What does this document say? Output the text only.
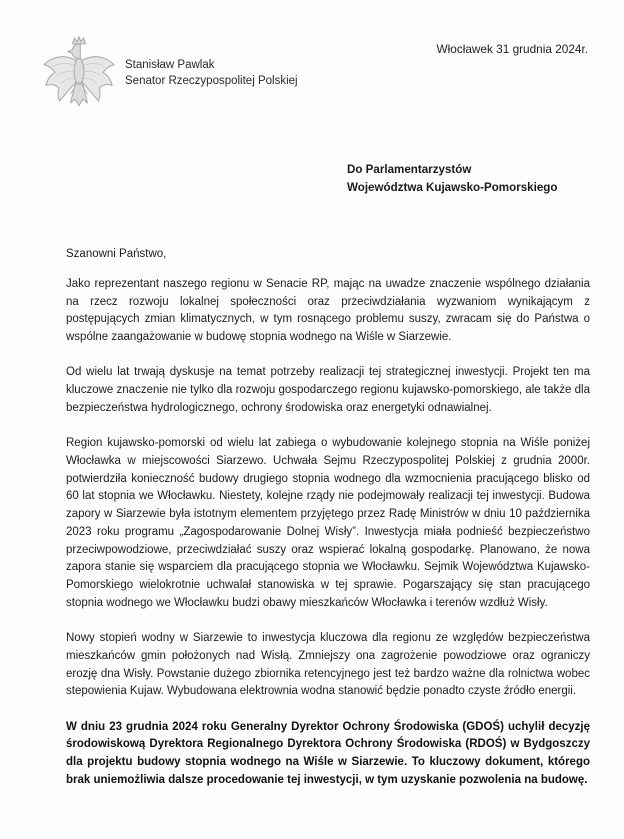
Stanisław Pawlak
Senator Rzeczypospolitej Polskiej
Włocławek 31 grudnia 2024r.
Do Parlamentarzystów
Województwa Kujawsko-Pomorskiego
Szanowni Państwo,

Jako reprezentant naszego regionu w Senacie RP, mając na uwadze znaczenie wspólnego działania na rzecz rozwoju lokalnej społeczności oraz przeciwdziałania wyzwaniom wynikającym z postępujących zmian klimatycznych, w tym rosnącego problemu suszy, zwracam się do Państwa o wspólne zaangażowanie w budowę stopnia wodnego na Wiśle w Siarzewie.

Od wielu lat trwają dyskusje na temat potrzeby realizacji tej strategicznej inwestycji. Projekt ten ma kluczowe znaczenie nie tylko dla rozwoju gospodarczego regionu kujawsko-pomorskiego, ale także dla bezpieczeństwa hydrologicznego, ochrony środowiska oraz energetyki odnawialnej.

Region kujawsko-pomorski od wielu lat zabiega o wybudowanie kolejnego stopnia na Wiśle poniżej Włocławka w miejscowości Siarzewo. Uchwała Sejmu Rzeczypospolitej Polskiej z grudnia 2000r. potwierdziła konieczność budowy drugiego stopnia wodnego dla wzmocnienia pracującego blisko od 60 lat stopnia we Włocławku. Niestety, kolejne rządy nie podejmowały realizacji tej inwestycji. Budowa zapory w Siarzewie była istotnym elementem przyjętego przez Radę Ministrów w dniu 10 października 2023 roku programu „Zagospodarowanie Dolnej Wisły”. Inwestycja miała podnieść bezpieczeństwo przeciwpowodziowe, przeciwdziałać suszy oraz wspierać lokalną gospodarkę. Planowano, że nowa zapora stanie się wsparciem dla pracującego stopnia we Włocławku. Sejmik Województwa Kujawsko-Pomorskiego wielokrotnie uchwalał stanowiska w tej sprawie. Pogarszający się stan pracującego stopnia wodnego we Włocławku budzi obawy mieszkańców Włocławka i terenów wzdłuż Wisły.

Nowy stopień wodny w Siarzewie to inwestycja kluczowa dla regionu ze względów bezpieczeństwa mieszkańców gmin położonych nad Wisłą. Zmniejszy ona zagrożenie powodziowe oraz ograniczy erozję dna Wisły. Powstanie dużego zbiornika retencyjnego jest też bardzo ważne dla rolnictwa wobec stepowienia Kujaw. Wybudowana elektrownia wodna stanowić będzie ponadto czyste źródło energii.

W dniu 23 grudnia 2024 roku Generalny Dyrektor Ochrony Środowiska (GDOŚ) uchylił decyzję środowiskową Dyrektora Regionalnego Dyrektora Ochrony Środowiska (RDOŚ) w Bydgoszczy dla projektu budowy stopnia wodnego na Wiśle w Siarzewie. To kluczowy dokument, którego brak uniemożliwia dalsze procedowanie tej inwestycji, w tym uzyskanie pozwolenia na budowę.
